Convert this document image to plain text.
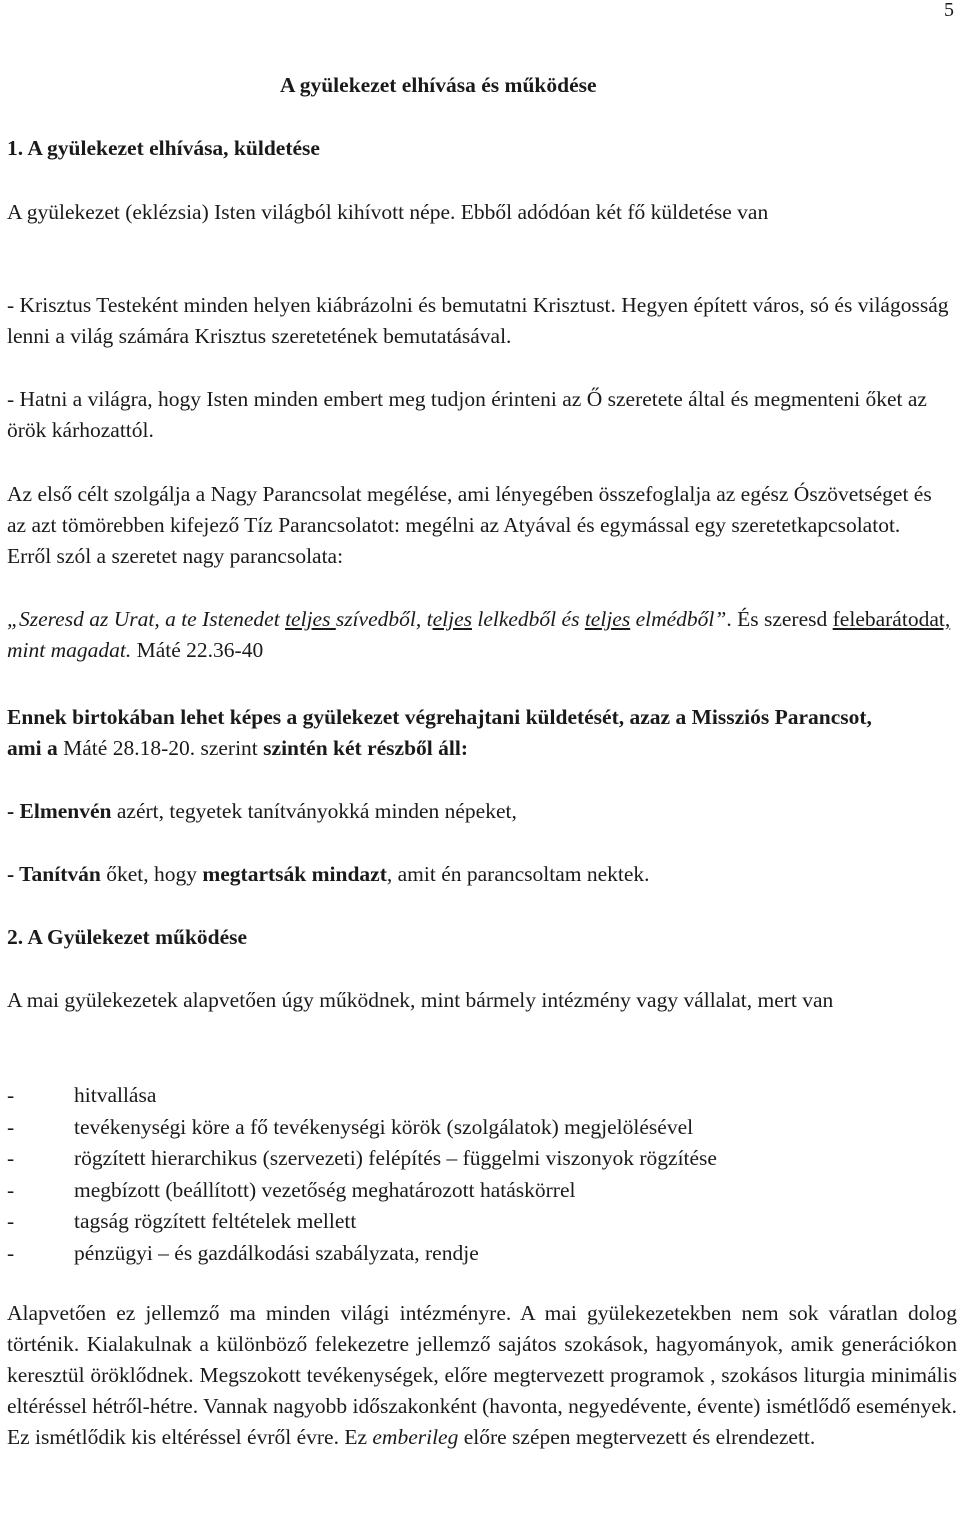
5
A gyülekezet elhívása és működése
1. A gyülekezet elhívása, küldetése

A gyülekezet (eklézsia) Isten világból kihívott népe. Ebből adódóan két fő küldetése van

- Krisztus Testeként minden helyen kiábrázolni és bemutatni Krisztust. Hegyen épített város, só és világosság lenni a világ számára Krisztus szeretetének bemutatásával.

- Hatni a világra, hogy Isten minden embert meg tudjon érinteni az Ő szeretete által és megmenteni őket az örök kárhozattól.

Az első célt szolgálja a Nagy Parancsolat megélése, ami lényegében összefoglalja az egész Ószövetséget és az azt tömörebben kifejező Tíz Parancsolatot: megélni az Atyával és egymással egy szeretetkapcsolatot. Erről szól a szeretet nagy parancsolata:

„Szeresd az Urat, a te Istenedet teljes szívedből, teljes lelkedből és teljes elmédből”. És szeresd felebarátodat, mint magadat. Máté 22.36-40

Ennek birtokában lehet képes a gyülekezet végrehajtani küldetését, azaz a Missziós Parancsot, ami a Máté 28.18-20. szerint szintén két részből áll:

- Elmenvén azért, tegyetek tanítványokká minden népeket,

- Tanítván őket, hogy megtartsák mindazt, amit én parancsoltam nektek.

2. A Gyülekezet működése

A mai gyülekezetek alapvetően úgy működnek, mint bármely intézmény vagy vállalat, mert van

-	hitvallása
-	tevékenységi köre a fő tevékenységi körök (szolgálatok) megjelölésével
-	rögzített hierarchikus (szervezeti) felépítés – függelmi viszonyok rögzítése
-	megbízott (beállított) vezetőség meghatározott hatáskörrel
-	tagság rögzített feltételek mellett
-	pénzügyi – és gazdálkodási szabályzata, rendje

Alapvetően ez jellemző ma minden világi intézményre. A mai gyülekezetekben nem sok váratlan dolog történik. Kialakulnak a különböző felekezetre jellemző sajátos szokások, hagyományok, amik generációkon keresztül öröklődnek. Megszokott tevékenységek, előre megtervezett programok , szokásos liturgia minimális eltéréssel hétről-hétre. Vannak nagyobb időszakonként (havonta, negyedévente, évente) ismétlődő események. Ez ismétlődik kis eltéréssel évről évre. Ez emberileg előre szépen megtervezett és elrendezett.
